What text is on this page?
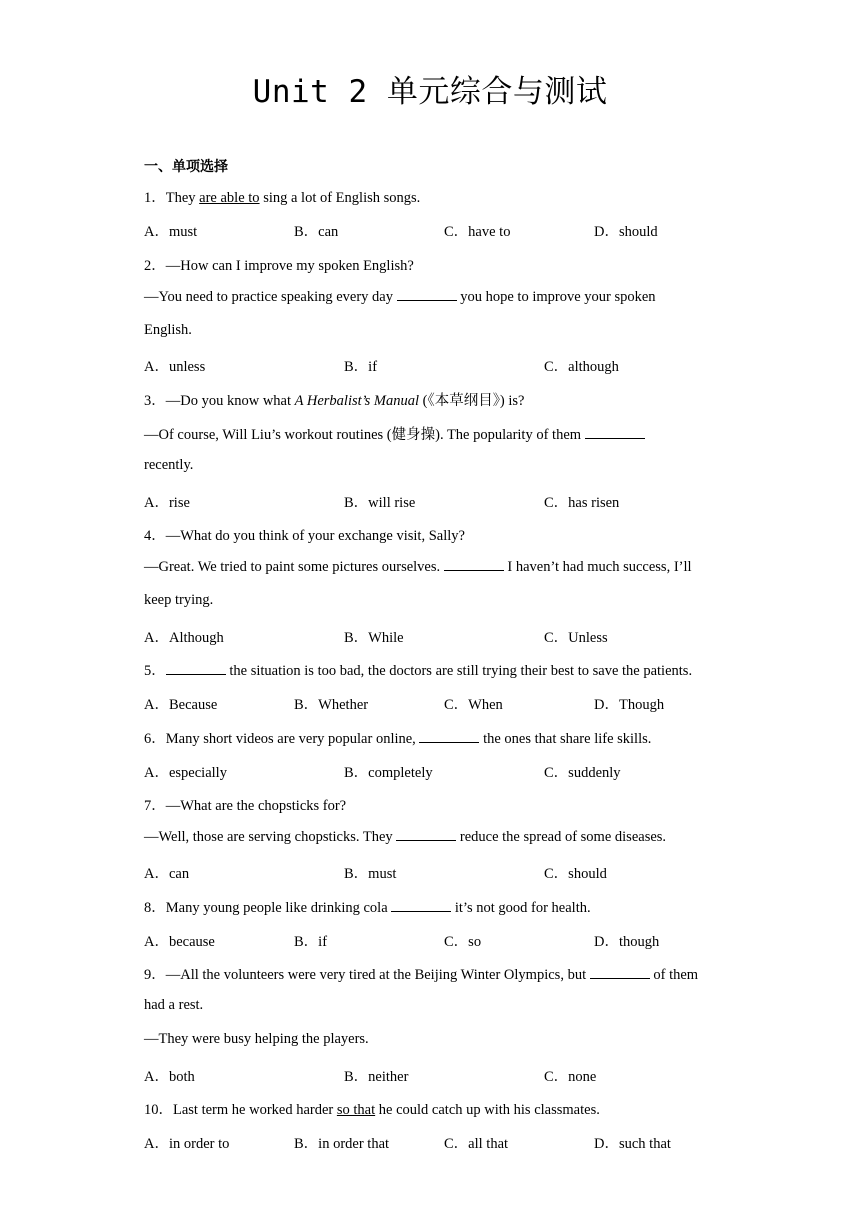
Unit 2 单元综合与测试
一、单项选择
1．They are able to sing a lot of English songs.
A．must	B．can	C．have to	D．should
2．—How can I improve my spoken English?
—You need to practice speaking every day	you hope to improve your spoken
English.
A．unless	B．if	C．although
3．—Do you know what A Herbalist’s Manual (《本草纲目》) is?
—Of course, Will Liu’s workout routines (健身操). The popularity of them
recently.
A．rise	B．will rise	C．has risen
4．—What do you think of your exchange visit, Sally?
—Great. We tried to paint some pictures ourselves.	I haven’t had much success, I’ll
keep trying.
A．Although	B．While	C．Unless
5．	the situation is too bad, the doctors are still trying their best to save the patients.
A．Because	B．Whether	C．When	D．Though
6．Many short videos are very popular online,	the ones that share life skills.
A．especially	B．completely	C．suddenly
7．—What are the chopsticks for?
—Well, those are serving chopsticks. They	reduce the spread of some diseases.
A．can	B．must	C．should
8．Many young people like drinking cola	it’s not good for health.
A．because	B．if	C．so	D．though
9．—All the volunteers were very tired at the Beijing Winter Olympics, but	of them
had a rest.
—They were busy helping the players.
A．both	B．neither	C．none
10．Last term he worked harder so that he could catch up with his classmates.
A．in order to	B．in order that	C．all that	D．such that
